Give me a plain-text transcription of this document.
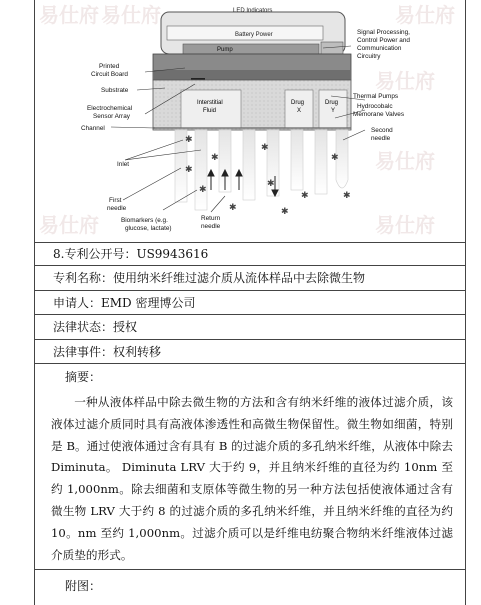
易仕府 易仕府	易仕府
易仕府
易仕府
易仕府
易仕府
Battery Power
LED Indicators
Pump
Interstitial
Fluid
Drug
X
Drug
Y
✱
✱
✱
✱
✱
✱	✱
✱
✱
✱
✱
Signal Processing,
Control Power and
Communication
Circuitry
Printed
Circuit Board
Substrate
Electrochemical
Sensor Array
Channel
Thermal Pumps
Hydrocobalc
Memorane Valves
Second
needle
Inlet
First
needle
Biomarkers (e.g.
glucose, lactate)
Return
needle
8.专利公开号：US9943616
专利名称：使用纳米纤维过滤介质从流体样品中去除微生物
申请人：EMD 密理博公司
法律状态：授权
法律事件：权利转移
摘要：
一种从液体样品中除去微生物的方法和含有纳米纤维的液体过滤介质，该液体过滤介质同时具有高液体渗透性和高微生物保留性。微生物如细菌，特别是 B。通过使液体通过含有具有 B 的过滤介质的多孔纳米纤维，从液体中除去 Diminuta。 Diminuta LRV 大于约 9，并且纳米纤维的直径为约 10nm 至约 1,000nm。除去细菌和支原体等微生物的另一种方法包括使液体通过含有微生物 LRV 大于约 8 的过滤介质的多孔纳米纤维，并且纳米纤维的直径为约 10。nm 至约 1,000nm。过滤介质可以是纤维电纺聚合物纳米纤维液体过滤介质垫的形式。
附图：
